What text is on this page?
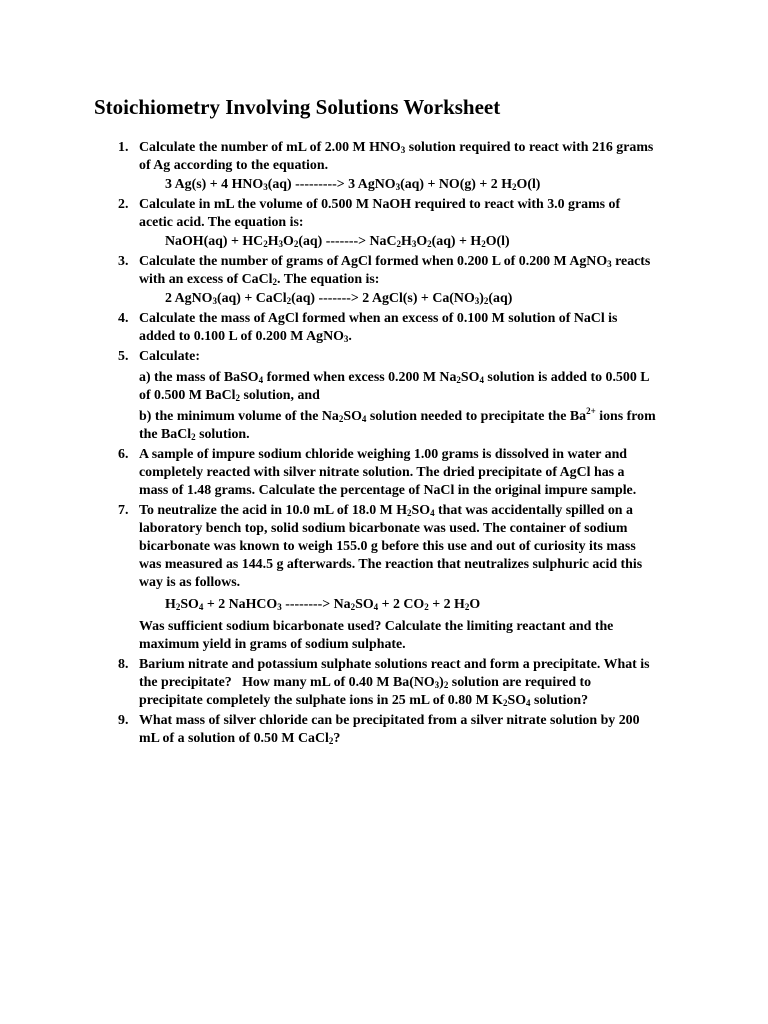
Stoichiometry Involving Solutions Worksheet
1. Calculate the number of mL of 2.00 M $HNO_3$ solution required to react with 216 grams of Ag according to the equation.

3 Ag(s) + 4 $HNO_3(aq)$ ---------> 3 AgNO$_3$(aq) + NO(g) + 2 $H_2O(l)$

2. Calculate in mL the volume of 0.500 M NaOH required to react with 3.0 grams of acetic acid. The equation is:

NaOH(aq) + $HC_2H_3O_2(aq)$ -------> $NaC_2H_3O_2(aq) + H_2O(l)$

3. Calculate the number of grams of AgCl formed when 0.200 L of 0.200 M AgNO$_3$ reacts with an excess of CaCl$_2$. The equation is:

2 AgNO$_3$(aq) + CaCl$_2$(aq) -------> 2 AgCl(s) + $Ca(NO_3)_2(aq)$

4. Calculate the mass of AgCl formed when an excess of 0.100 M solution of NaCl is added to 0.100 L of 0.200 M AgNO$_3$.

5. Calculate:

a) the mass of BaSO$_4$ formed when excess 0.200 M $Na_2SO_4$ solution is added to 0.500 L of 0.500 M BaCl$_2$ solution, and

b) the minimum volume of the $Na_2SO_4$ solution needed to precipitate the $Ba^{2+}$ ions from the BaCl$_2$ solution.

6. A sample of impure sodium chloride weighing 1.00 grams is dissolved in water and completely reacted with silver nitrate solution. The dried precipitate of AgCl has a mass of 1.48 grams. Calculate the percentage of NaCl in the original impure sample.

7. To neutralize the acid in 10.0 mL of 18.0 M $H_2SO_4$ that was accidentally spilled on a laboratory bench top, solid sodium bicarbonate was used. The container of sodium bicarbonate was known to weigh 155.0 g before this use and out of curiosity its mass was measured as 144.5 g afterwards. The reaction that neutralizes sulphuric acid this way is as follows.

$H_2SO_4 + 2$ NaHCO$_3$ --------> $Na_2SO_4 + 2$ $CO_2 + 2$ $H_2O$

Was sufficient sodium bicarbonate used? Calculate the limiting reactant and the maximum yield in grams of sodium sulphate.

8. Barium nitrate and potassium sulphate solutions react and form a precipitate. What is the precipitate?   How many mL of 0.40 M $Ba(NO_3)_2$ solution are required to precipitate completely the sulphate ions in 25 mL of 0.80 M $K_2SO_4$ solution?

9. What mass of silver chloride can be precipitated from a silver nitrate solution by 200 mL of a solution of 0.50 M CaCl$_2$?
